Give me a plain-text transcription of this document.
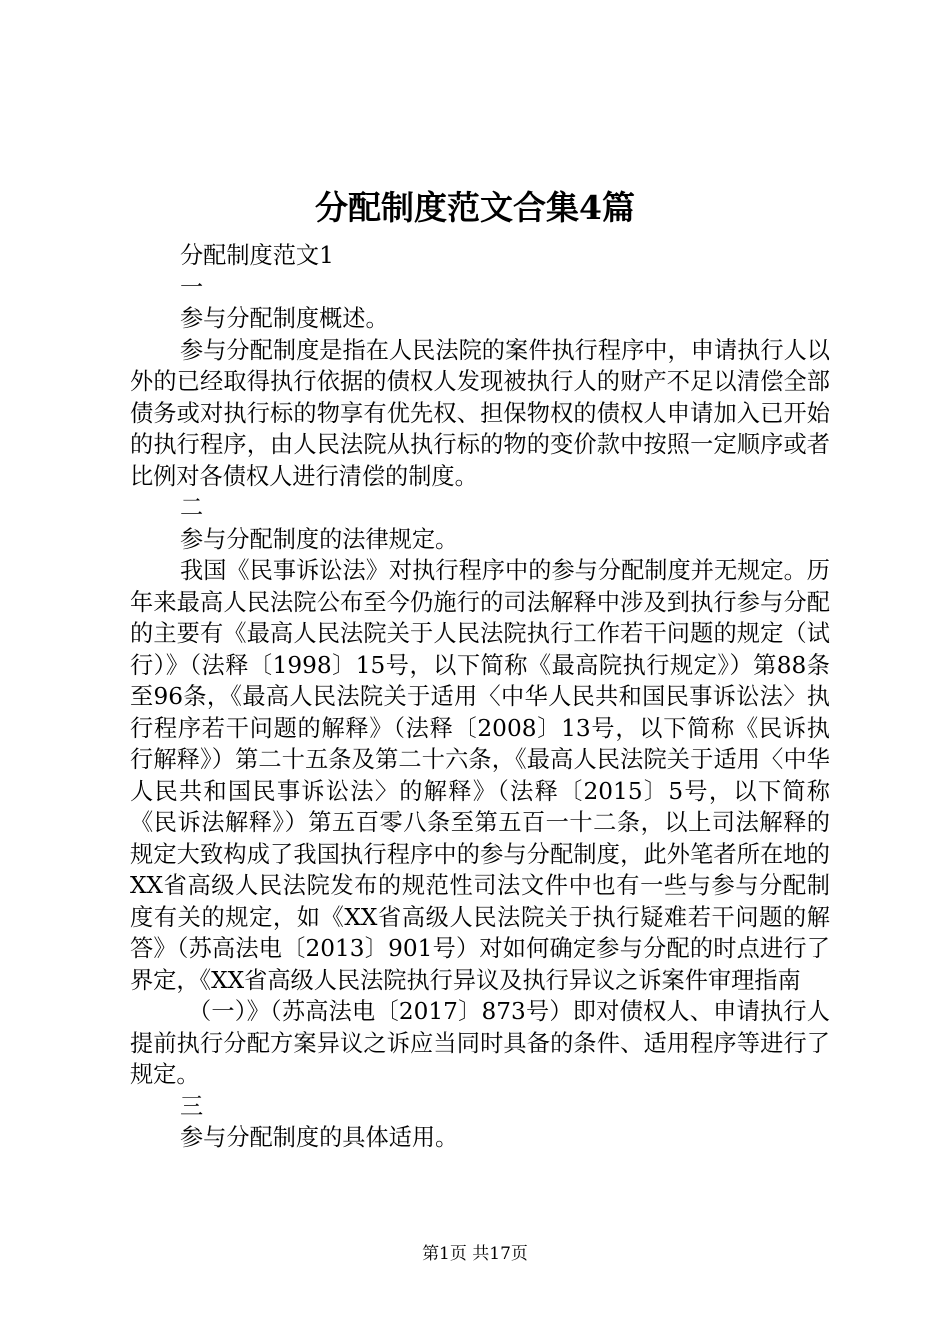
分配制度范文合集4篇

分配制度范文1

一

参与分配制度概述。

参与分配制度是指在人民法院的案件执行程序中，申请执行人以外的已经取得执行依据的债权人发现被执行人的财产不足以清偿全部债务或对执行标的物享有优先权、担保物权的债权人申请加入已开始的执行程序，由人民法院从执行标的物的变价款中按照一定顺序或者比例对各债权人进行清偿的制度。

二

参与分配制度的法律规定。

我国《民事诉讼法》对执行程序中的参与分配制度并无规定。历年来最高人民法院公布至今仍施行的司法解释中涉及到执行参与分配的主要有《最高人民法院关于人民法院执行工作若干问题的规定（试行）》（法释〔1998〕15号，以下简称《最高院执行规定》）第88条至96条，《最高人民法院关于适用〈中华人民共和国民事诉讼法〉执行程序若干问题的解释》（法释〔2008〕13号，以下简称《民诉执行解释》）第二十五条及第二十六条，《最高人民法院关于适用〈中华人民共和国民事诉讼法〉的解释》（法释〔2015〕5号，以下简称《民诉法解释》）第五百零八条至第五百一十二条，以上司法解释的规定大致构成了我国执行程序中的参与分配制度，此外笔者所在地的XX省高级人民法院发布的规范性司法文件中也有一些与参与分配制度有关的规定，如《XX省高级人民法院关于执行疑难若干问题的解答》（苏高法电〔2013〕901号）对如何确定参与分配的时点进行了界定，《XX省高级人民法院执行异议及执行异议之诉案件审理指南

（一）》（苏高法电〔2017〕873号）即对债权人、申请执行人提前执行分配方案异议之诉应当同时具备的条件、适用程序等进行了规定。

三

参与分配制度的具体适用。

第1页 共17页
